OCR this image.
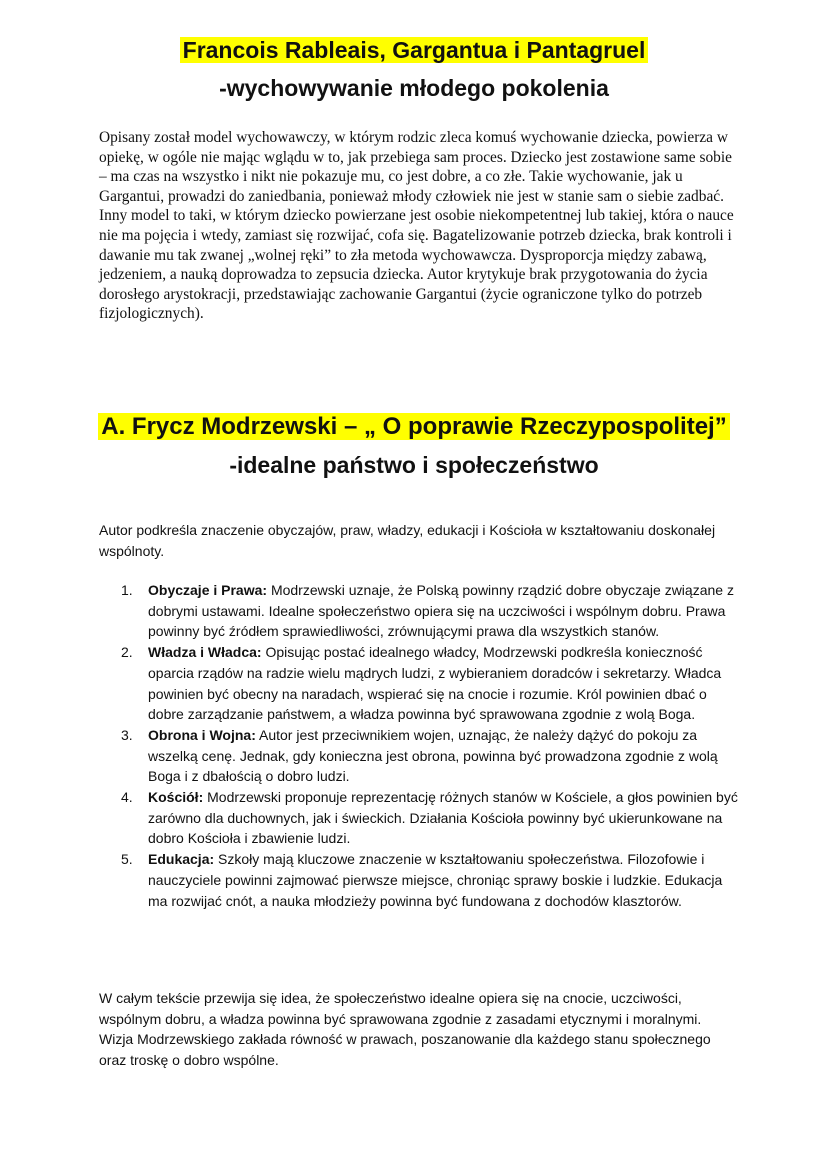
Francois Rableais, Gargantua i Pantagruel
-wychowywanie młodego pokolenia

Opisany został model wychowawczy, w którym rodzic zleca komuś wychowanie dziecka, powierza w opiekę, w ogóle nie mając wglądu w to, jak przebiega sam proces. Dziecko jest zostawione same sobie – ma czas na wszystko i nikt nie pokazuje mu, co jest dobre, a co złe. Takie wychowanie, jak u Gargantui, prowadzi do zaniedbania, ponieważ młody człowiek nie jest w stanie sam o siebie zadbać. Inny model to taki, w którym dziecko powierzane jest osobie niekompetentnej lub takiej, która o nauce nie ma pojęcia i wtedy, zamiast się rozwijać, cofa się. Bagatelizowanie potrzeb dziecka, brak kontroli i dawanie mu tak zwanej „wolnej ręki” to zła metoda wychowawcza. Dysproporcja między zabawą, jedzeniem, a nauką doprowadza to zepsucia dziecka. Autor krytykuje brak przygotowania do życia dorosłego arystokracji, przedstawiając zachowanie Gargantui (życie ograniczone tylko do potrzeb fizjologicznych).

A. Frycz Modrzewski – „ O poprawie Rzeczypospolitej”
-idealne państwo i społeczeństwo

Autor podkreśla znaczenie obyczajów, praw, władzy, edukacji i Kościoła w kształtowaniu doskonałej wspólnoty.

1. Obyczaje i Prawa: Modrzewski uznaje, że Polską powinny rządzić dobre obyczaje związane z dobrymi ustawami. Idealne społeczeństwo opiera się na uczciwości i wspólnym dobru. Prawa powinny być źródłem sprawiedliwości, zrównującymi prawa dla wszystkich stanów.
2. Władza i Władca: Opisując postać idealnego władcy, Modrzewski podkreśla konieczność oparcia rządów na radzie wielu mądrych ludzi, z wybieraniem doradców i sekretarzy. Władca powinien być obecny na naradach, wspierać się na cnocie i rozumie. Król powinien dbać o dobre zarządzanie państwem, a władza powinna być sprawowana zgodnie z wolą Boga.
3. Obrona i Wojna: Autor jest przeciwnikiem wojen, uznając, że należy dążyć do pokoju za wszelką cenę. Jednak, gdy konieczna jest obrona, powinna być prowadzona zgodnie z wolą Boga i z dbałością o dobro ludzi.
4. Kościół: Modrzewski proponuje reprezentację różnych stanów w Kościele, a głos powinien być zarówno dla duchownych, jak i świeckich. Działania Kościoła powinny być ukierunkowane na dobro Kościoła i zbawienie ludzi.
5. Edukacja: Szkoły mają kluczowe znaczenie w kształtowaniu społeczeństwa. Filozofowie i nauczyciele powinni zajmować pierwsze miejsce, chroniąc sprawy boskie i ludzkie. Edukacja ma rozwijać cnót, a nauka młodzieży powinna być fundowana z dochodów klasztorów.

W całym tekście przewija się idea, że społeczeństwo idealne opiera się na cnocie, uczciwości, wspólnym dobru, a władza powinna być sprawowana zgodnie z zasadami etycznymi i moralnymi. Wizja Modrzewskiego zakłada równość w prawach, poszanowanie dla każdego stanu społecznego oraz troskę o dobro wspólne.
